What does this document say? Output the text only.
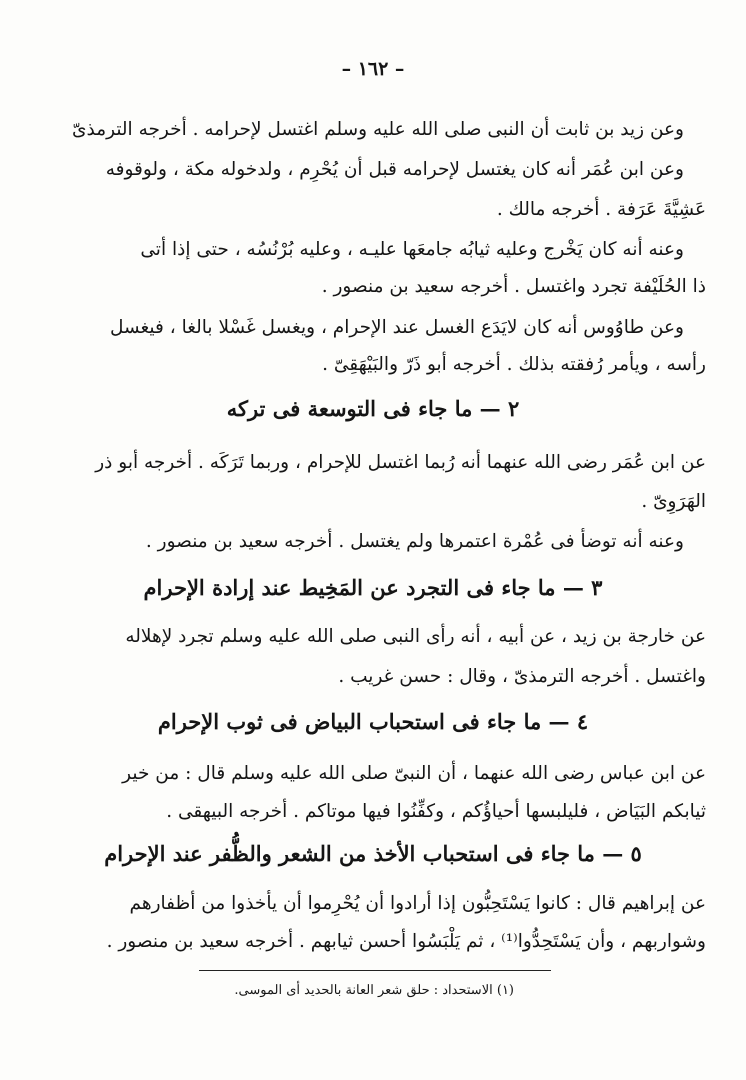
– ١٦٢ –
وعن زيد بن ثابت أن النبى صلى الله عليه وسلم اغتسل لإحرامه . أخرجه الترمذىّ
وعن ابن عُمَر أنه كان يغتسل لإحرامه قبل أن يُحْرِم ، ولدخوله مكة ، ولوقوفه
عَشِيَّةَ عَرَفة . أخرجه مالك .
وعنه أنه كان يَخْرج وعليه ثيابُه جامعَها عليـه ، وعليه بُرْنُسُه ، حتى إذا أتى
ذا الحُلَيْفة تجرد واغتسل . أخرجه سعيد بن منصور .
وعن طاوُوس أنه كان لايَدَع الغسل عند الإحرام ، ويغسل غَسْلا بالغا ، فيغسل
رأسه ، ويأمر رُفقته بذلك . أخرجه أبو ذَرّ والبَيْهَقِىّ .
٢ — ما جاء فى التوسعة فى تركه
عن ابن عُمَر رضى الله عنهما أنه رُبما اغتسل للإحرام ، وربما تَرَكَه . أخرجه أبو ذر
الهَرَوِىّ .
وعنه أنه توضأ فى عُمْرة اعتمرها ولم يغتسل . أخرجه سعيد بن منصور .
٣ — ما جاء فى التجرد عن المَخِيط عند إرادة الإحرام
عن خارجة بن زيد ، عن أبيه ، أنه رأى النبى صلى الله عليه وسلم تجرد لإهلاله
واغتسل . أخرجه الترمذىّ ، وقال : حسن غريب .
٤ — ما جاء فى استحباب البياض فى ثوب الإحرام
عن ابن عباس رضى الله عنهما ، أن النبىّ صلى الله عليه وسلم قال : من خير
ثيابكم البَيَاض ، فليلبسها أحياؤُكم ، وكفِّنُوا فيها موتاكم . أخرجه البيهقى .
٥ — ما جاء فى استحباب الأخذ من الشعر والظُّفر عند الإحرام
عن إبراهيم قال : كانوا يَسْتَحِبُّون إذا أرادوا أن يُحْرِموا أن يأخذوا من أظفارهم
وشواربهم ، وأن يَسْتَحِدُّوا⁽¹⁾ ، ثم يَلْبَسُوا أحسن ثيابهم . أخرجه سعيد بن منصور .
(١) الاستحداد : حلق شعر العانة بالحديد أى الموسى.
